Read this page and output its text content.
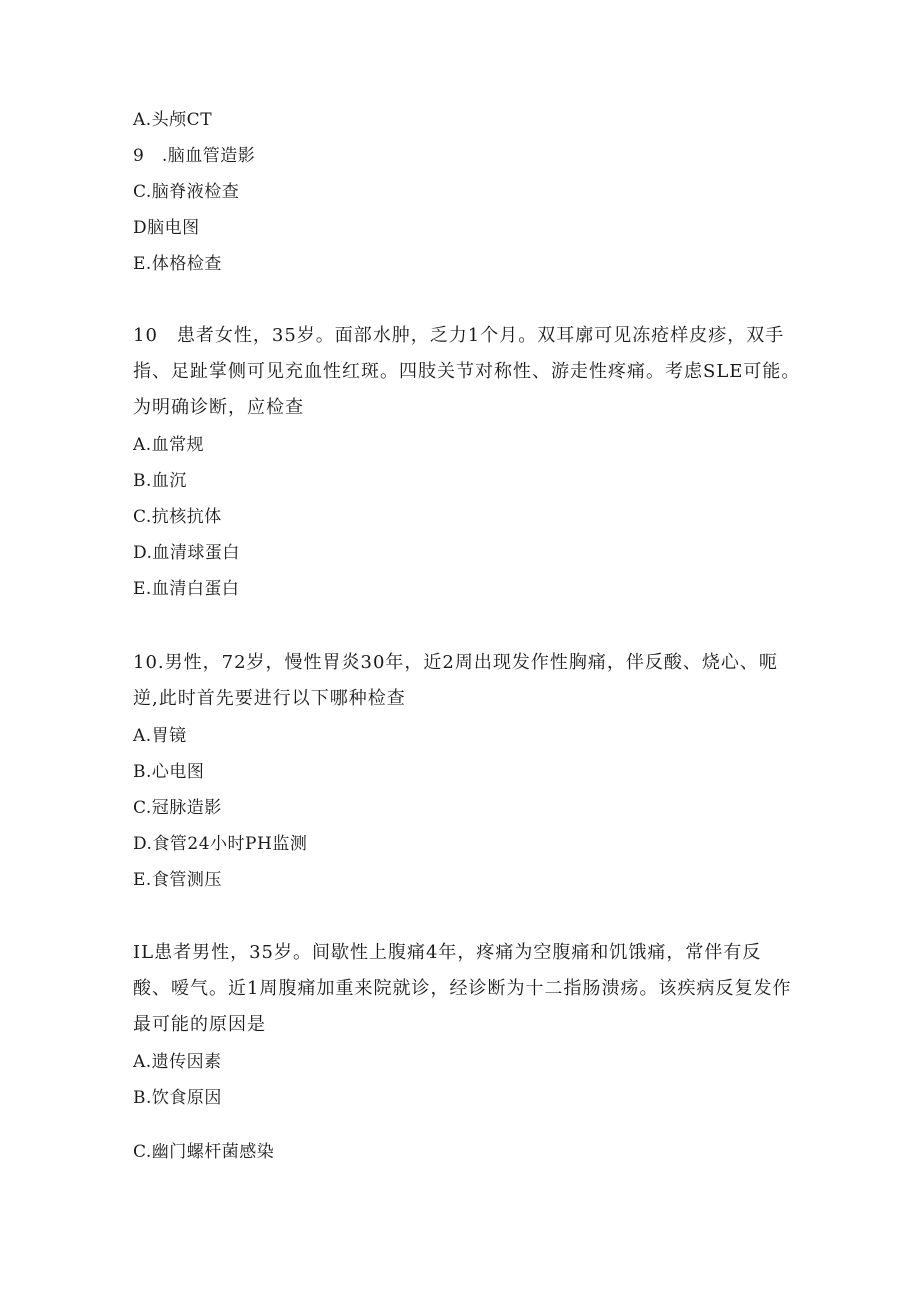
A.头颅CT
9　.脑血管造影
C.脑脊液检查
D脑电图
E.体格检查
10　患者女性，35岁。面部水肿，乏力1个月。双耳廓可见冻疮样皮疹，双手
指、足趾掌侧可见充血性红斑。四肢关节对称性、游走性疼痛。考虑SLE可能。
为明确诊断，应检查
A.血常规
B.血沉
C.抗核抗体
D.血清球蛋白
E.血清白蛋白
10.男性，72岁，慢性胃炎30年，近2周出现发作性胸痛，伴反酸、烧心、呃
逆,此时首先要进行以下哪种检查
A.胃镜
B.心电图
C.冠脉造影
D.食管24小时PH监测
E.食管测压
IL患者男性，35岁。间歇性上腹痛4年，疼痛为空腹痛和饥饿痛，常伴有反
酸、嗳气。近1周腹痛加重来院就诊，经诊断为十二指肠溃疡。该疾病反复发作
最可能的原因是
A.遗传因素
B.饮食原因
C.幽门螺杆菌感染
